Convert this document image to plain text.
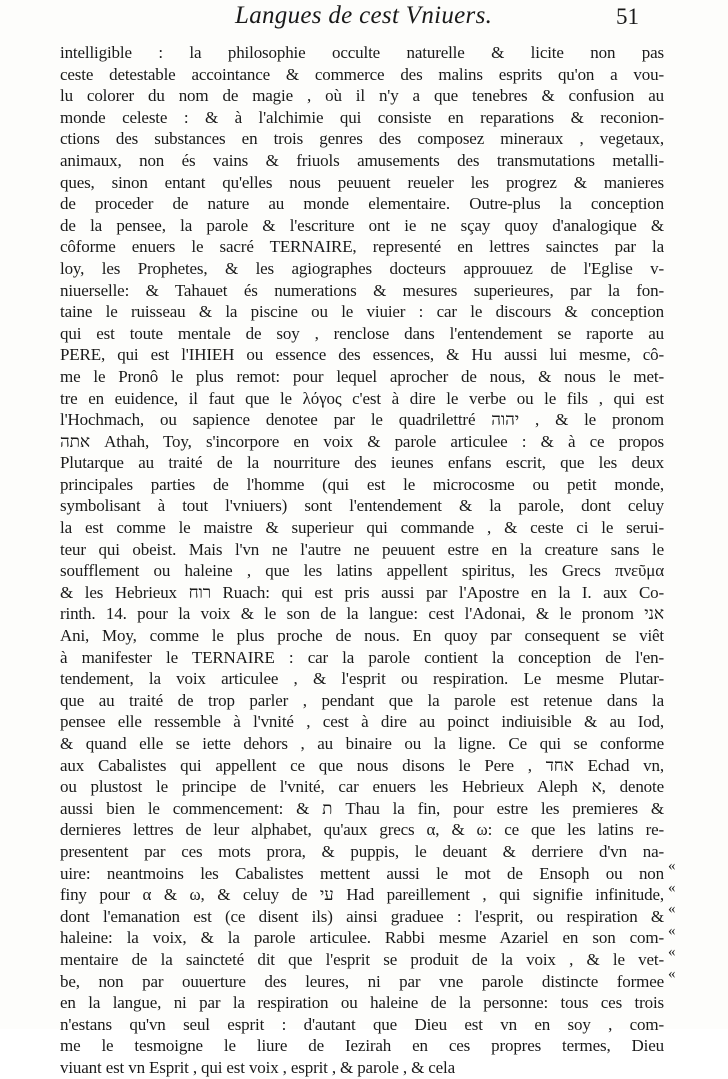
Langues de cest Vniuers.	51
intelligible : la philosophie occulte naturelle & licite non pas
ceste detestable accointance & commerce des malins esprits qu'on a vou-
lu colorer du nom de magie , où il n'y a que tenebres & confusion au
monde celeste : & à l'alchimie qui consiste en reparations & reconion-
ctions des substances en trois genres des composez mineraux , vegetaux,
animaux, non és vains & friuols amusements des transmutations metalli-
ques, sinon entant qu'elles nous peuuent reueler les progrez & manieres
de proceder de nature au monde elementaire. Outre-plus la conception
de la pensee, la parole & l'escriture ont ie ne sçay quoy d'analogique &
côforme enuers le sacré TERNAIRE, representé en lettres sainctes par la
loy, les Prophetes, & les agiographes docteurs approuuez de l'Eglise v-
niuerselle: & Tahauet és numerations & mesures superieures, par la fon-
taine le ruisseau & la piscine ou le viuier : car le discours & conception
qui est toute mentale de soy , renclose dans l'entendement se raporte au
PERE, qui est l'IHIEH ou essence des essences, & Hu aussi lui mesme, cô-
me le Pronô le plus remot: pour lequel aprocher de nous, & nous le met-
tre en euidence, il faut que le λόγος c'est à dire le verbe ou le fils , qui est
l'Hochmach, ou sapience denotee par le quadrilettré יהוה , & le pronom
אתה Athah, Toy, s'incorpore en voix & parole articulee : & à ce propos
Plutarque au traité de la nourriture des ieunes enfans escrit, que les deux
principales parties de l'homme (qui est le microcosme ou petit monde,
symbolisant à tout l'vniuers) sont l'entendement & la parole, dont celuy
la est comme le maistre & superieur qui commande , & ceste ci le serui-
teur qui obeist. Mais l'vn ne l'autre ne peuuent estre en la creature sans le
soufflement ou haleine , que les latins appellent spiritus, les Grecs πνεῦμα
& les Hebrieux רוח Ruach: qui est pris aussi par l'Apostre en la I. aux Co-
rinth. 14. pour la voix & le son de la langue: cest l'Adonai, & le pronom אני
Ani, Moy, comme le plus proche de nous. En quoy par consequent se viêt
à manifester le TERNAIRE : car la parole contient la conception de l'en-
tendement, la voix articulee , & l'esprit ou respiration. Le mesme Plutar-
que au traité de trop parler , pendant que la parole est retenue dans la
pensee elle ressemble à l'vnité , cest à dire au poinct indiuisible & au Iod,
& quand elle se iette dehors , au binaire ou la ligne. Ce qui se conforme
aux Cabalistes qui appellent ce que nous disons le Pere , אחד Echad vn,
ou plustost le principe de l'vnité, car enuers les Hebrieux Aleph א, denote
aussi bien le commencement: & ת Thau la fin, pour estre les premieres &
dernieres lettres de leur alphabet, qu'aux grecs α, & ω: ce que les latins re-
presentent par ces mots prora, & puppis, le deuant & derriere d'vn na-
uire: neantmoins les Cabalistes mettent aussi le mot de Ensoph ou non
finy pour α & ω, & celuy de עי Had pareillement , qui signifie infinitude,
dont l'emanation est (ce disent ils) ainsi graduee : l'esprit, ou respiration &
haleine: la voix, & la parole articulee. Rabbi mesme Azariel en son com-
mentaire de la saincteté dit que l'esprit se produit de la voix , & le vet-
be, non par ouuerture des leures, ni par vne parole distincte formee
en la langue, ni par la respiration ou haleine de la personne: tous ces trois
n'estans qu'vn seul esprit : d'autant que Dieu est vn en soy , com-
me le tesmoigne le liure de Iezirah en ces propres termes, Dieu
viuant est vn Esprit , qui est voix , esprit , & parole , & cela
«
«
«
«
«
«
